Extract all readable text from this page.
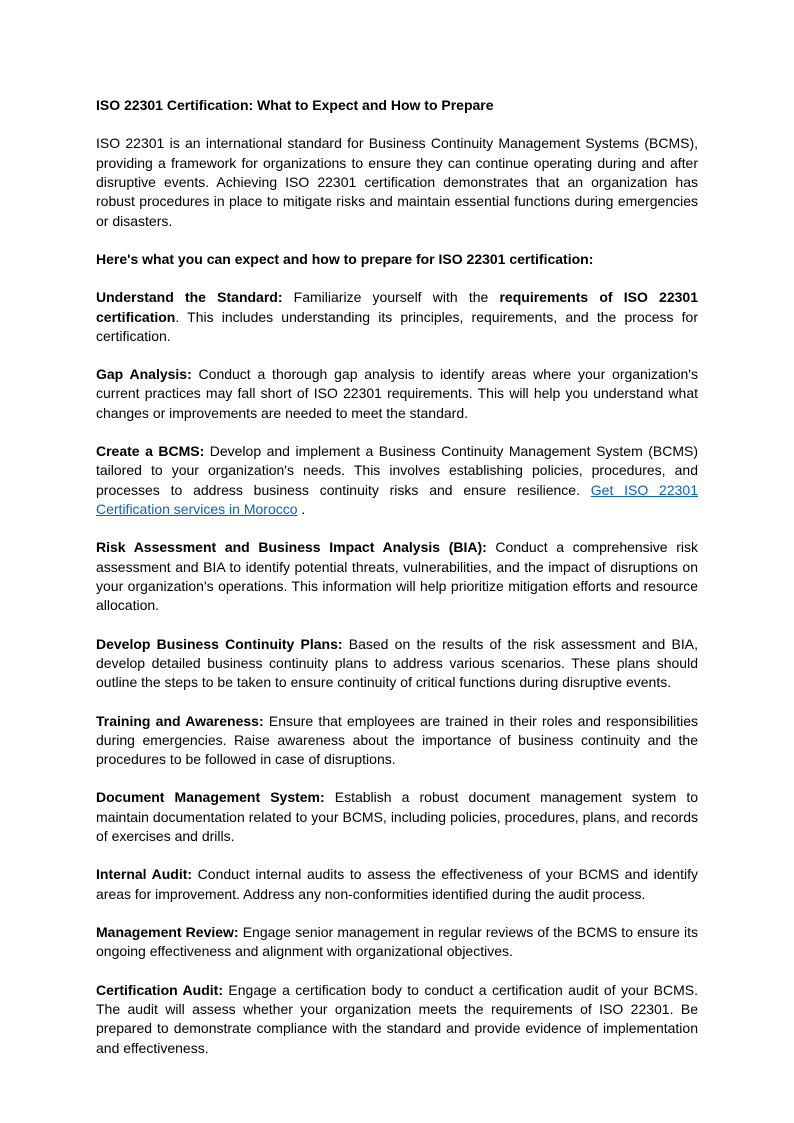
ISO 22301 Certification: What to Expect and How to Prepare

ISO 22301 is an international standard for Business Continuity Management Systems (BCMS), providing a framework for organizations to ensure they can continue operating during and after disruptive events. Achieving ISO 22301 certification demonstrates that an organization has robust procedures in place to mitigate risks and maintain essential functions during emergencies or disasters.

Here's what you can expect and how to prepare for ISO 22301 certification:

Understand the Standard: Familiarize yourself with the requirements of ISO 22301 certification. This includes understanding its principles, requirements, and the process for certification.

Gap Analysis: Conduct a thorough gap analysis to identify areas where your organization's current practices may fall short of ISO 22301 requirements. This will help you understand what changes or improvements are needed to meet the standard.

Create a BCMS: Develop and implement a Business Continuity Management System (BCMS) tailored to your organization's needs. This involves establishing policies, procedures, and processes to address business continuity risks and ensure resilience. Get ISO 22301 Certification services in Morocco .

Risk Assessment and Business Impact Analysis (BIA): Conduct a comprehensive risk assessment and BIA to identify potential threats, vulnerabilities, and the impact of disruptions on your organization's operations. This information will help prioritize mitigation efforts and resource allocation.

Develop Business Continuity Plans: Based on the results of the risk assessment and BIA, develop detailed business continuity plans to address various scenarios. These plans should outline the steps to be taken to ensure continuity of critical functions during disruptive events.

Training and Awareness: Ensure that employees are trained in their roles and responsibilities during emergencies. Raise awareness about the importance of business continuity and the procedures to be followed in case of disruptions.

Document Management System: Establish a robust document management system to maintain documentation related to your BCMS, including policies, procedures, plans, and records of exercises and drills.

Internal Audit: Conduct internal audits to assess the effectiveness of your BCMS and identify areas for improvement. Address any non-conformities identified during the audit process.

Management Review: Engage senior management in regular reviews of the BCMS to ensure its ongoing effectiveness and alignment with organizational objectives.

Certification Audit: Engage a certification body to conduct a certification audit of your BCMS. The audit will assess whether your organization meets the requirements of ISO 22301. Be prepared to demonstrate compliance with the standard and provide evidence of implementation and effectiveness.
